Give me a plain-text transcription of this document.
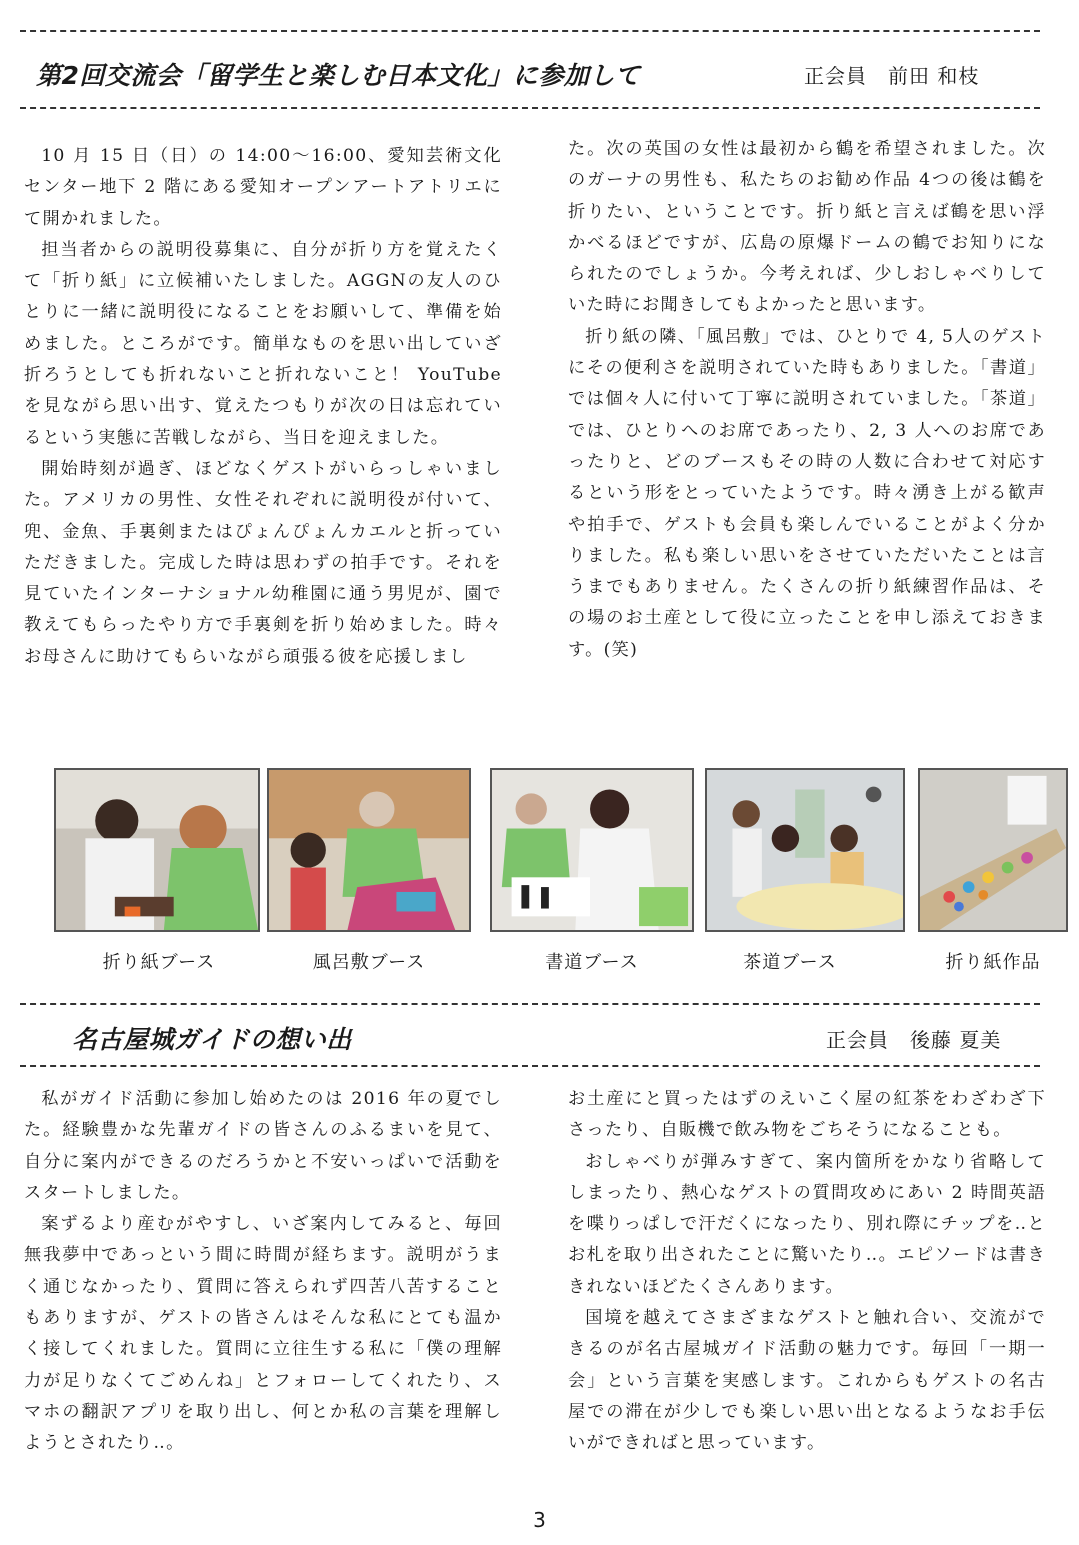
第2回交流会「留学生と楽しむ日本文化」に参加して	正会員　前田 和枝

10 月 15 日（日）の 14:00〜16:00、愛知芸術文化センター地下 2 階にある愛知オープンアートアトリエにて開かれました。

担当者からの説明役募集に、自分が折り方を覚えたくて「折り紙」に立候補いたしました。AGGNの友人のひとりに一緒に説明役になることをお願いして、準備を始めました。ところがです。簡単なものを思い出していざ折ろうとしても折れないこと折れないこと！ YouTube を見ながら思い出す、覚えたつもりが次の日は忘れているという実態に苦戦しながら、当日を迎えました。

開始時刻が過ぎ、ほどなくゲストがいらっしゃいました。アメリカの男性、女性それぞれに説明役が付いて、兜、金魚、手裏剣またはぴょんぴょんカエルと折っていただきました。完成した時は思わずの拍手です。それを見ていたインターナショナル幼稚園に通う男児が、園で教えてもらったやり方で手裏剣を折り始めました。時々お母さんに助けてもらいながら頑張る彼を応援しまし

た。次の英国の女性は最初から鶴を希望されました。次のガーナの男性も、私たちのお勧め作品 4つの後は鶴を折りたい、ということです。折り紙と言えば鶴を思い浮かべるほどですが、広島の原爆ドームの鶴でお知りになられたのでしょうか。今考えれば、少しおしゃべりしていた時にお聞きしてもよかったと思います。

折り紙の隣、「風呂敷」では、ひとりで 4, 5人のゲストにその便利さを説明されていた時もありました。「書道」では個々人に付いて丁寧に説明されていました。「茶道」では、ひとりへのお席であったり、2, 3 人へのお席であったりと、どのブースもその時の人数に合わせて対応するという形をとっていたようです。時々湧き上がる歓声や拍手で、ゲストも会員も楽しんでいることがよく分かりました。私も楽しい思いをさせていただいたことは言うまでもありません。たくさんの折り紙練習作品は、その場のお土産として役に立ったことを申し添えておきます。(笑)

折り紙ブース	風呂敷ブース	書道ブース	茶道ブース	折り紙作品
名古屋城ガイドの想い出	正会員　後藤 夏美

私がガイド活動に参加し始めたのは 2016 年の夏でした。経験豊かな先輩ガイドの皆さんのふるまいを見て、自分に案内ができるのだろうかと不安いっぱいで活動をスタートしました。

案ずるより産むがやすし、いざ案内してみると、毎回無我夢中であっという間に時間が経ちます。説明がうまく通じなかったり、質問に答えられず四苦八苦することもありますが、ゲストの皆さんはそんな私にとても温かく接してくれました。質問に立往生する私に「僕の理解力が足りなくてごめんね」とフォローしてくれたり、スマホの翻訳アプリを取り出し、何とか私の言葉を理解しようとされたり‥。

お土産にと買ったはずのえいこく屋の紅茶をわざわざ下さったり、自販機で飲み物をごちそうになることも。

おしゃべりが弾みすぎて、案内箇所をかなり省略してしまったり、熱心なゲストの質問攻めにあい 2 時間英語を喋りっぱしで汗だくになったり、別れ際にチップを‥とお札を取り出されたことに驚いたり‥。エピソードは書ききれないほどたくさんあります。

国境を越えてさまざまなゲストと触れ合い、交流ができるのが名古屋城ガイド活動の魅力です。毎回「一期一会」という言葉を実感します。これからもゲストの名古屋での滞在が少しでも楽しい思い出となるようなお手伝いができればと思っています。

3
